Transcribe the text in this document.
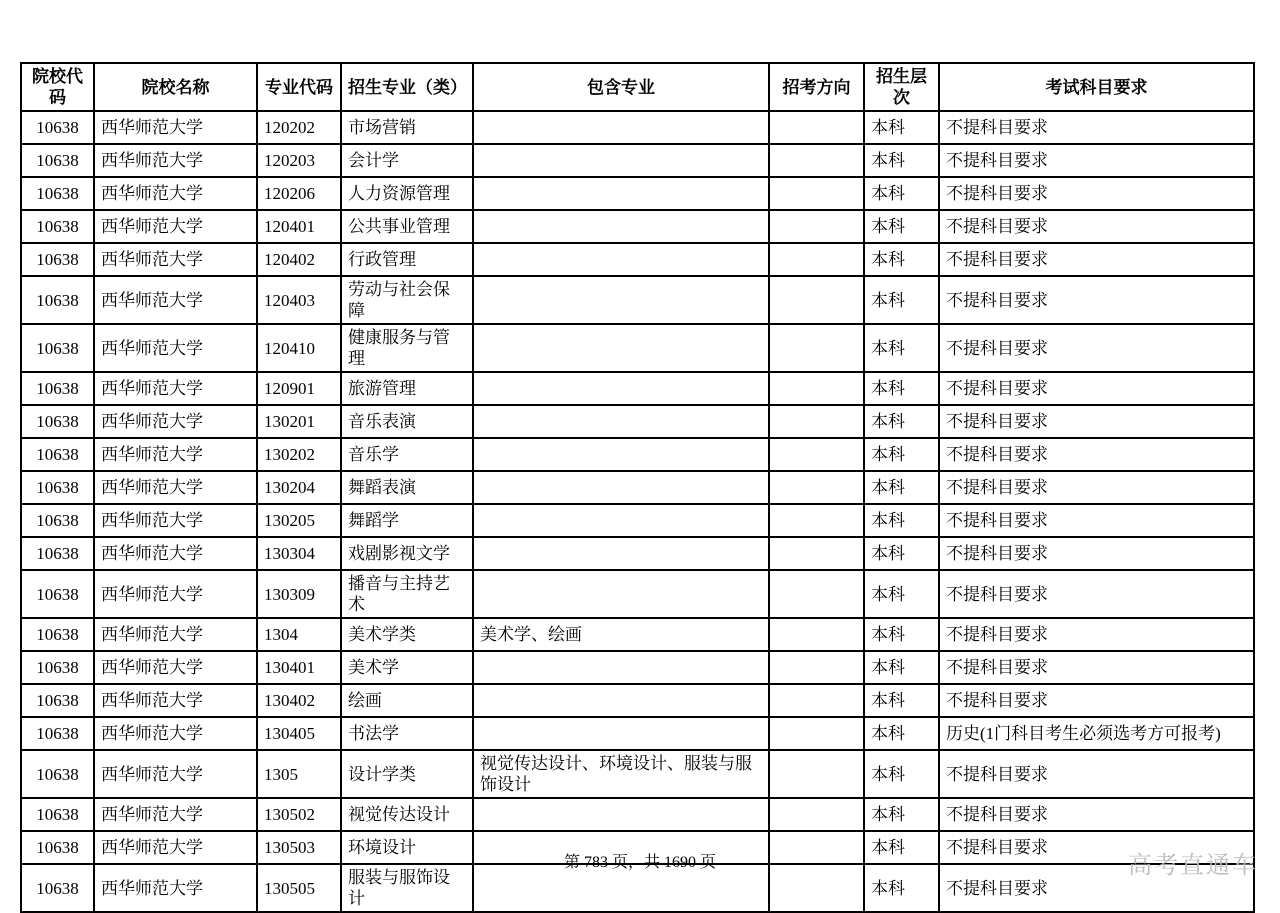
院校代码	院校名称	专业代码	招生专业（类）	包含专业	招考方向	招生层次	考试科目要求
10638	西华师范大学	120202	市场营销			本科	不提科目要求
10638	西华师范大学	120203	会计学			本科	不提科目要求
10638	西华师范大学	120206	人力资源管理			本科	不提科目要求
10638	西华师范大学	120401	公共事业管理			本科	不提科目要求
10638	西华师范大学	120402	行政管理			本科	不提科目要求
10638	西华师范大学	120403	劳动与社会保障			本科	不提科目要求
10638	西华师范大学	120410	健康服务与管理			本科	不提科目要求
10638	西华师范大学	120901	旅游管理			本科	不提科目要求
10638	西华师范大学	130201	音乐表演			本科	不提科目要求
10638	西华师范大学	130202	音乐学			本科	不提科目要求
10638	西华师范大学	130204	舞蹈表演			本科	不提科目要求
10638	西华师范大学	130205	舞蹈学			本科	不提科目要求
10638	西华师范大学	130304	戏剧影视文学			本科	不提科目要求
10638	西华师范大学	130309	播音与主持艺术			本科	不提科目要求
10638	西华师范大学	1304	美术学类	美术学、绘画		本科	不提科目要求
10638	西华师范大学	130401	美术学			本科	不提科目要求
10638	西华师范大学	130402	绘画			本科	不提科目要求
10638	西华师范大学	130405	书法学			本科	历史(1门科目考生必须选考方可报考)
10638	西华师范大学	1305	设计学类	视觉传达设计、环境设计、服装与服饰设计		本科	不提科目要求
10638	西华师范大学	130502	视觉传达设计			本科	不提科目要求
10638	西华师范大学	130503	环境设计			本科	不提科目要求
10638	西华师范大学	130505	服装与服饰设计			本科	不提科目要求
第 783 页，共 1690 页	高考直通车
